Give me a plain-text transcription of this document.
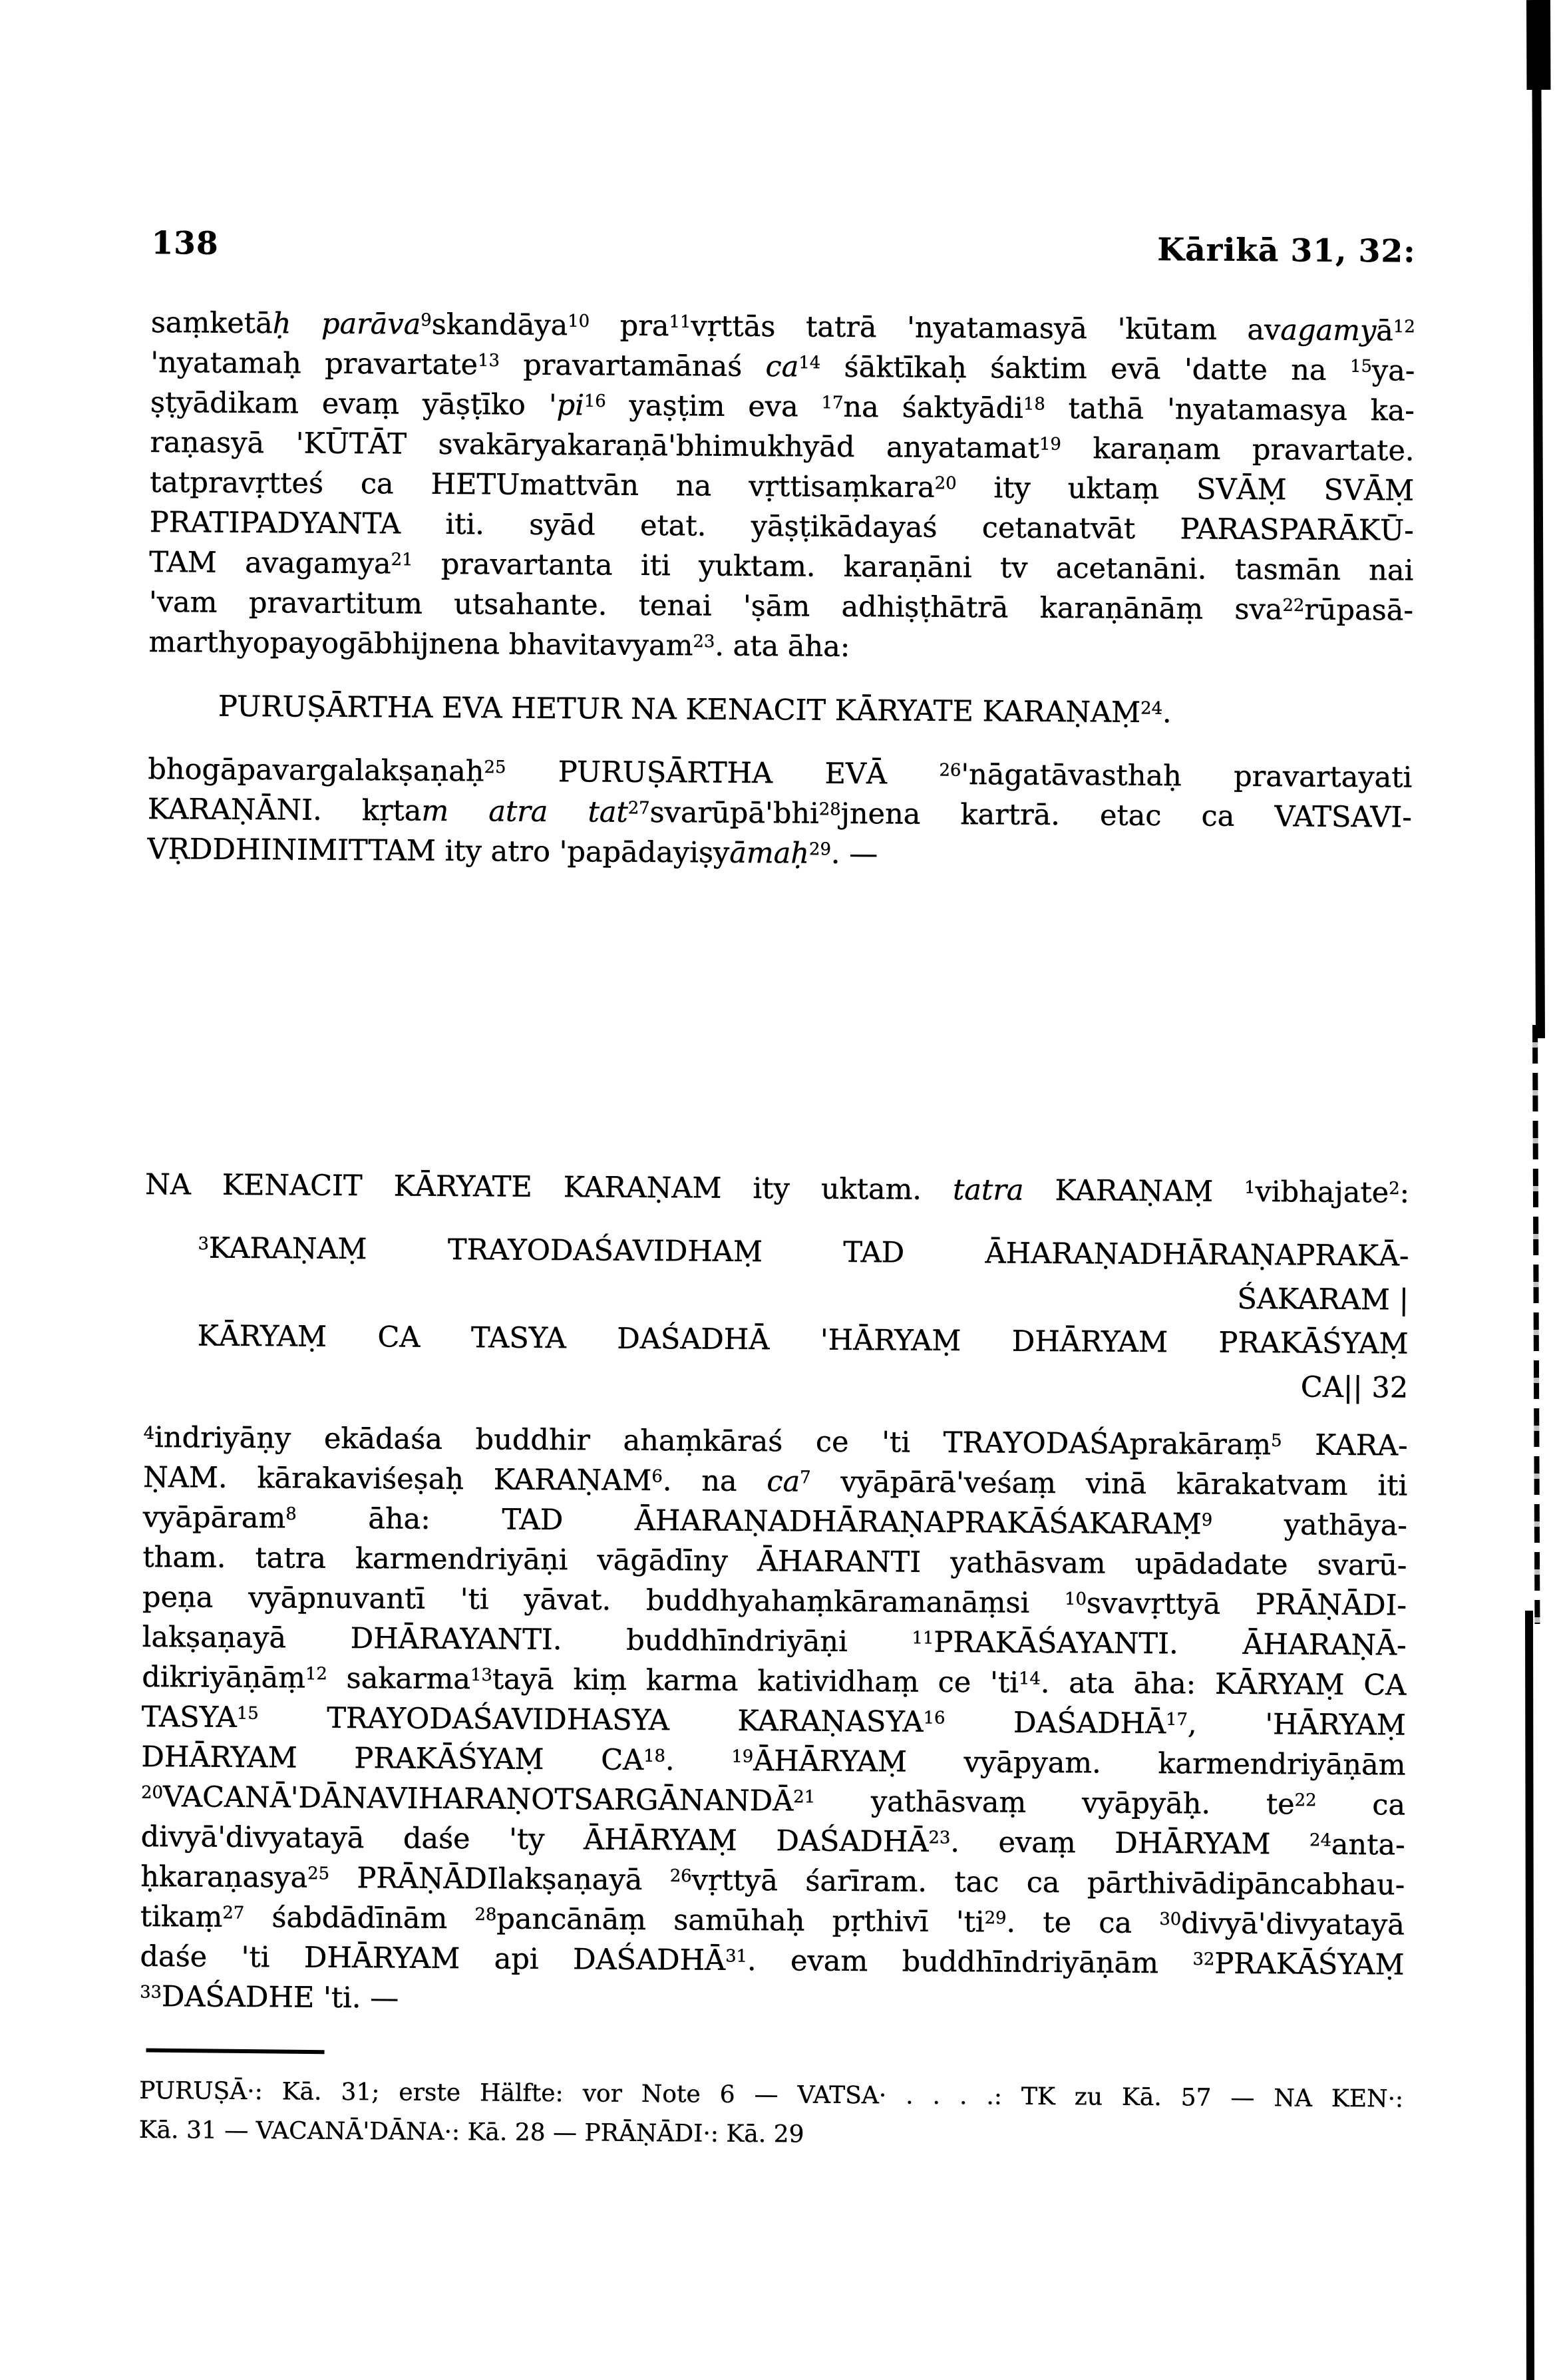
138	Kārikā 31, 32:
saṃketāḥ parāva$^9$skandāya$^{10}$ pra$^{11}$vṛttās tatrā 'nyatamasyā 'kūtam avagamyā$^{12}$
'nyatamaḥ pravartate$^{13}$ pravartamānaś $ca^{14}$ śāktīkaḥ śaktim evā 'datte na $^{15}$ya-
ṣṭyādikam evaṃ yāṣṭīko '$pi^{16}$ yaṣṭim eva $^{17}$na śaktyādi$^{18}$ tathā 'nyatamasya ka-
raṇasyā 'KŪTĀT svakāryakaraṇā'bhimukhyād anyatamat$^{19}$ karaṇam pravartate.
tatpravṛtteś ca HETUmattvān na vṛttisaṃkara$^{20}$ ity uktaṃ SVĀṂ SVĀṂ
PRATIPADYANTA iti. syād etat. yāṣṭikādayaś cetanatvāt PARASPARĀKŪ-
TAM avagamya$^{21}$ pravartanta iti yuktam. karaṇāni tv acetanāni. tasmān nai
'vam pravartitum utsahante. tenai 'ṣām adhiṣṭhātrā karaṇānāṃ sva$^{22}$rūpasā-
marthyopayogābhijnena bhavitavyam$^{23}$. ata āha:
PURUṢĀRTHA EVA HETUR NA KENACIT KĀRYATE KARAṆAṂ$^{24}$.
bhogāpavargalakṣaṇaḥ$^{25}$ PURUṢĀRTHA EVĀ $^{26}$'nāgatāvasthaḥ pravartayati
KARAṆĀNI. kṛtam atra tat$^{27}$svarūpā'bhi$^{28}$jnena kartrā. etac ca VATSAVI-
VṚDDHINIMITTAM ity atro 'papādayiṣyāmaḥ$^{29}$. —
NA KENACIT KĀRYATE KARAṆAM ity uktam. tatra KARAṆAṂ $^1$vibhajate$^2$:
$^3$KARAṆAṂ TRAYODAŚAVIDHAṂ TAD ĀHARAṆADHĀRAṆAPRAKĀ-
ŚAKARAM |
KĀRYAṂ CA TASYA DAŚADHĀ 'HĀRYAṂ DHĀRYAM PRAKĀŚYAṂ
CA|| 32
$^4$indriyāṇy ekādaśa buddhir ahaṃkāraś ce 'ti TRAYODAŚAprakāraṃ$^5$ KARA-
ṆAM. kārakaviśeṣaḥ KARAṆAM$^6$. na $ca^7$ vyāpārā'veśaṃ vinā kārakatvam iti
vyāpāram$^8$ āha: TAD ĀHARAṆADHĀRAṆAPRAKĀŚAKARAṂ$^9$ yathāya-
tham. tatra karmendriyāṇi vāgādīny ĀHARANTI yathāsvam upādadate svarū-
peṇa vyāpnuvantī 'ti yāvat. buddhyahaṃkāramanāṃsi $^{10}$svavṛttyā PRĀṆĀDI-
lakṣaṇayā DHĀRAYANTI. buddhīndriyāṇi $^{11}$PRAKĀŚAYANTI. ĀHARAṆĀ-
dikriyāṇāṃ$^{12}$ sakarma$^{13}$tayā kiṃ karma katividhaṃ ce '$ti^{14}$. ata āha: KĀRYAṂ CA
TASYA$^{15}$ TRAYODAŚAVIDHASYA KARAṆASYA$^{16}$ DAŚADHĀ$^{17}$, 'HĀRYAṂ
DHĀRYAM PRAKĀŚYAṂ CA$^{18}$. $^{19}$ĀHĀRYAṂ vyāpyam. karmendriyāṇām
$^{20}$VACANĀ'DĀNAVIHARAṆOTSARGĀNANDĀ$^{21}$ yathāsvaṃ vyāpyāḥ. $te^{22}$ ca
divyā'divyatayā daśe 'ty ĀHĀRYAṂ DAŚADHĀ$^{23}$. evaṃ DHĀRYAM $^{24}$anta-
ḥkaraṇasya$^{25}$ PRĀṆĀDIlakṣaṇayā $^{26}$vṛttyā śarīram. tac ca pārthivādipāncabhau-
tikaṃ$^{27}$ śabdādīnām $^{28}$pancānāṃ samūhaḥ pṛthivī '$ti^{29}$. te ca $^{30}$divyā'divyatayā
daśe 'ti DHĀRYAM api DAŚADHĀ$^{31}$. evam buddhīndriyāṇām $^{32}$PRAKĀŚYAṂ
$^{33}$DAŚADHE 'ti. —
PURUṢĀ·: Kā. 31; erste Hälfte: vor Note 6 — VATSA· . . . .: TK zu Kā. 57 — NA KEN·:
Kā. 31 — VACANĀ'DĀNA·: Kā. 28 — PRĀṆĀDI·: Kā. 29
